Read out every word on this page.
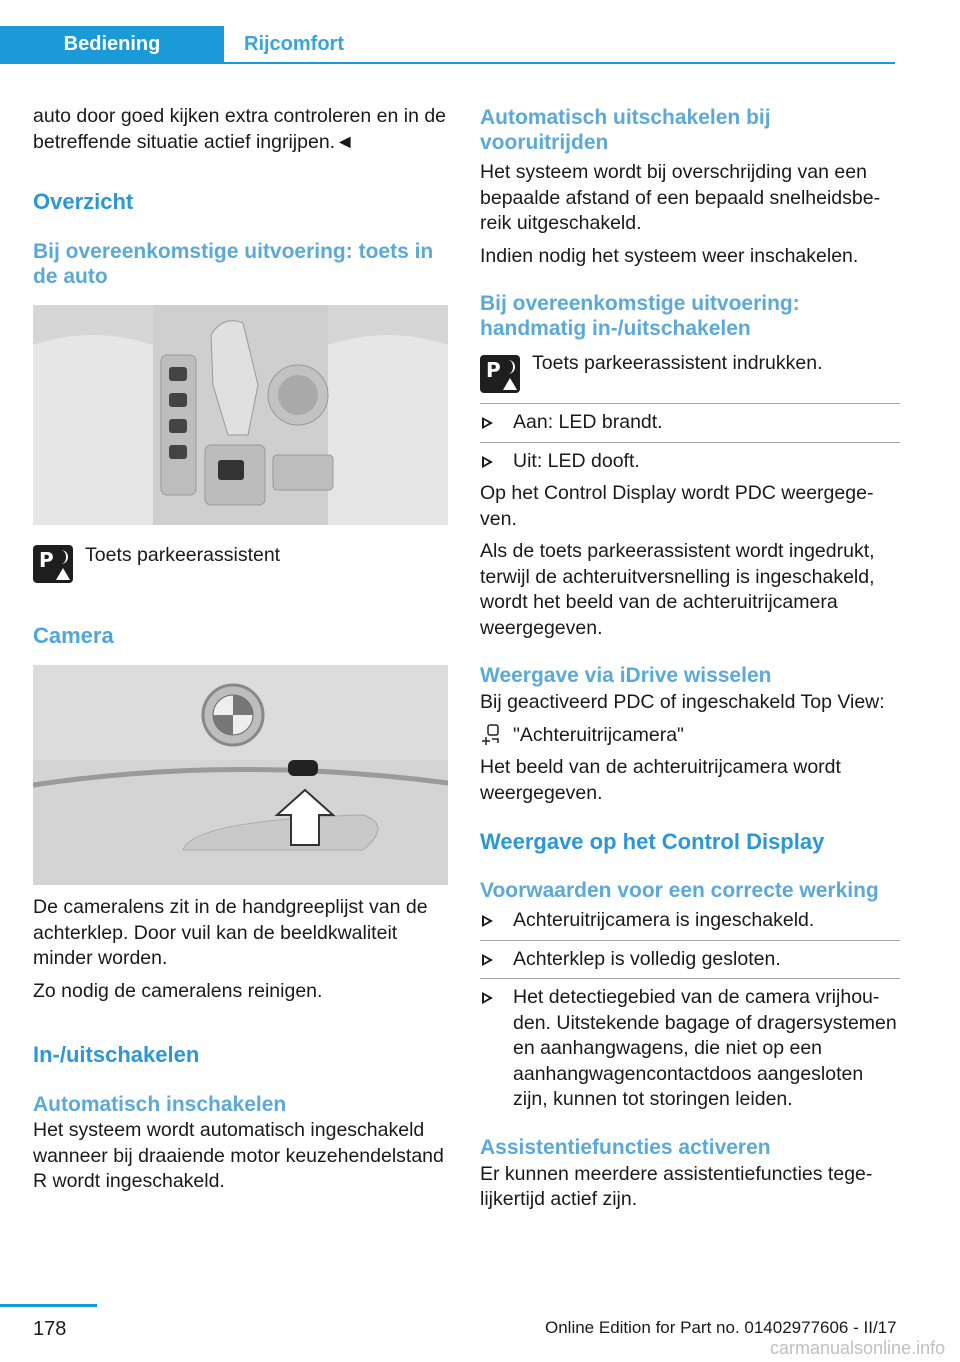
Bediening	Rijcomfort

auto door goed kijken extra controleren en in de betreffende situatie actief ingrijpen.◄

Overzicht
Bij overeenkomstige uitvoering: toets in de auto
P Toets parkeerassistent

Camera

De cameralens zit in de handgreeplijst van de achterklep. Door vuil kan de beeldkwaliteit minder worden.

Zo nodig de cameralens reinigen.

In-/uitschakelen
Automatisch inschakelen

Het systeem wordt automatisch ingeschakeld wanneer bij draaiende motor keuzehendelstand R wordt ingeschakeld.

Automatisch uitschakelen bij vooruitrijden

Het systeem wordt bij overschrijding van een bepaalde afstand of een bepaald snelheidsbereik uitgeschakeld.

Indien nodig het systeem weer inschakelen.

Bij overeenkomstige uitvoering: handmatig in-/uitschakelen
P Toets parkeerassistent indrukken.

Aan: LED brandt.
Uit: LED dooft.

Op het Control Display wordt PDC weergegeven.

Als de toets parkeerassistent wordt ingedrukt, terwijl de achteruitversnelling is ingeschakeld, wordt het beeld van de achteruitrijcamera weergegeven.

Weergave via iDrive wisselen

Bij geactiveerd PDC of ingeschakeld Top View:

"Achteruitrijcamera"

Het beeld van de achteruitrijcamera wordt weergegeven.

Weergave op het Control Display
Voorwaarden voor een correcte werking
Achteruitrijcamera is ingeschakeld.
Achterklep is volledig gesloten.
Het detectiegebied van de camera vrijhouden. Uitstekende bagage of dragersystemen en aanhangwagens, die niet op een aanhangwagencontactdoos aangesloten zijn, kunnen tot storingen leiden.
Assistentiefuncties activeren

Er kunnen meerdere assistentiefuncties tegelijkertijd actief zijn.

178	Online Edition for Part no. 01402977606 - II/17
carmanualsonline.info
